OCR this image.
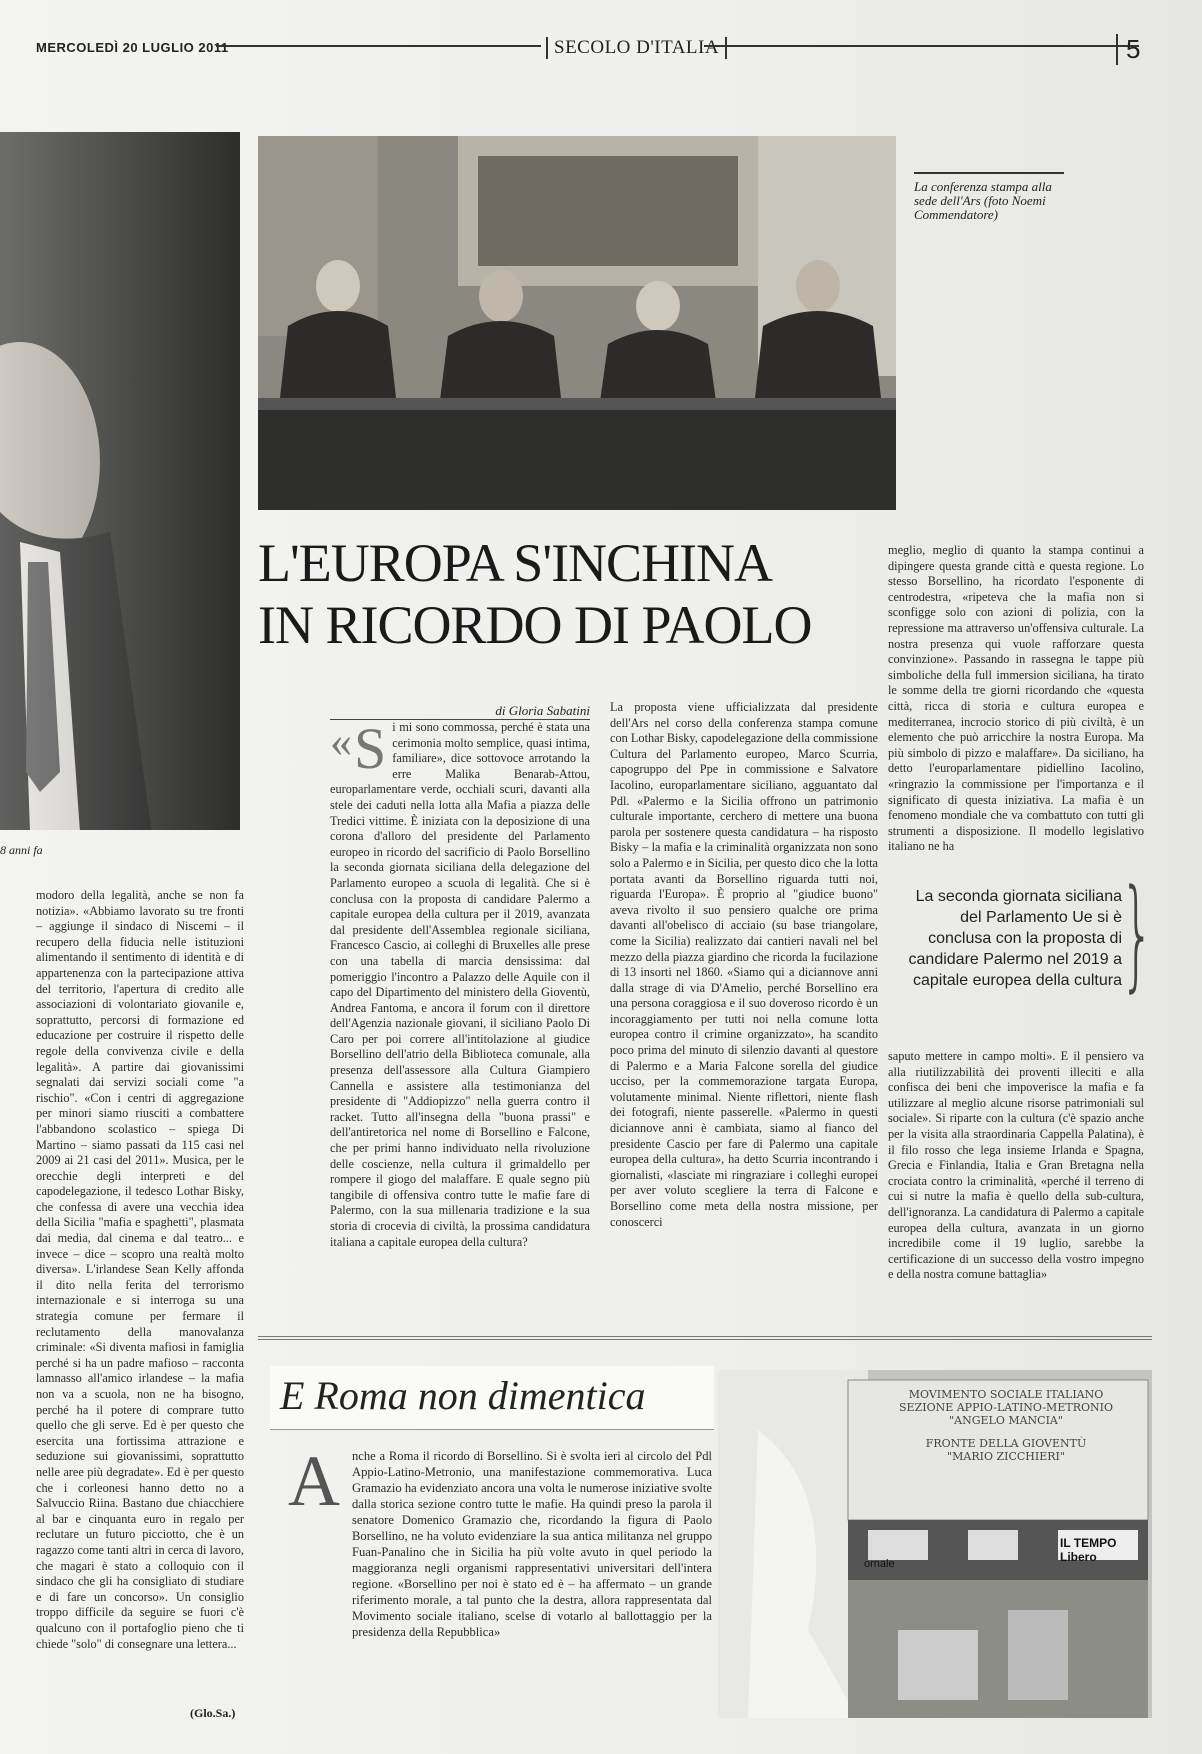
MERCOLEDÌ 20 LUGLIO 2011	SECOLO D'ITALIA	5
8 anni fa
La conferenza stampa alla sede dell'Ars (foto Noemi Commendatore)
L'EUROPA S'INCHINA
IN RICORDO DI PAOLO
di Gloria Sabatini
modoro della legalità, anche se non fa notizia». «Abbiamo lavorato su tre fronti – aggiunge il sindaco di Niscemi – il recupero della fiducia nelle istituzioni alimentando il sentimento di identità e di appartenenza con la partecipazione attiva del territorio, l'apertura di credito alle associazioni di volontariato giovanile e, soprattutto, percorsi di formazione ed educazione per costruire il rispetto delle regole della convivenza civile e della legalità». A partire dai giovanissimi segnalati dai servizi sociali come "a rischio". «Con i centri di aggregazione per minori siamo riusciti a combattere l'abbandono scolastico – spiega Di Martino – siamo passati da 115 casi nel 2009 ai 21 casi del 2011». Musica, per le orecchie degli interpreti e del capodelegazione, il tedesco Lothar Bisky, che confessa di avere una vecchia idea della Sicilia "mafia e spaghetti", plasmata dai media, dal cinema e dal teatro... e invece – dice – scopro una realtà molto diversa». L'irlandese Sean Kelly affonda il dito nella ferita del terrorismo internazionale e si interroga su una strategia comune per fermare il reclutamento della manovalanza criminale: «Si diventa mafiosi in famiglia perché si ha un padre mafioso – racconta lamnasso all'amico irlandese – la mafia non va a scuola, non ne ha bisogno, perché ha il potere di comprare tutto quello che gli serve. Ed è per questo che esercita una fortissima attrazione e seduzione sui giovanissimi, soprattutto nelle aree più degradate». Ed è per questo che i corleonesi hanno detto no a Salvuccio Riina. Bastano due chiacchiere al bar e cinquanta euro in regalo per reclutare un futuro picciotto, che è un ragazzo come tanti altri in cerca di lavoro, che magari è stato a colloquio con il sindaco che gli ha consigliato di studiare e di fare un concorso». Un consiglio troppo difficile da seguire se fuori c'è qualcuno con il portafoglio pieno che ti chiede "solo" di consegnare una lettera...
(Glo.Sa.)
« S i mi sono commossa, perché è stata una cerimonia molto semplice, quasi intima, familiare», dice sottovoce arrotando la erre Malika Benarab-Attou, europarlamentare verde, occhiali scuri, davanti alla stele dei caduti nella lotta alla Mafia a piazza delle Tredici vittime. È iniziata con la deposizione di una corona d'alloro del presidente del Parlamento europeo in ricordo del sacrificio di Paolo Borsellino la seconda giornata siciliana della delegazione del Parlamento europeo a scuola di legalità. Che si è conclusa con la proposta di candidare Palermo a capitale europea della cultura per il 2019, avanzata dal presidente dell'Assemblea regionale siciliana, Francesco Cascio, ai colleghi di Bruxelles alle prese con una tabella di marcia densissima: dal pomeriggio l'incontro a Palazzo delle Aquile con il capo del Dipartimento del ministero della Gioventù, Andrea Fantoma, e ancora il forum con il direttore dell'Agenzia nazionale giovani, il siciliano Paolo Di Caro per poi correre all'intitolazione al giudice Borsellino dell'atrio della Biblioteca comunale, alla presenza dell'assessore alla Cultura Giampiero Cannella e assistere alla testimonianza del presidente di "Addiopizzo" nella guerra contro il racket. Tutto all'insegna della "buona prassi" e dell'antiretorica nel nome di Borsellino e Falcone, che per primi hanno individuato nella rivoluzione delle coscienze, nella cultura il grimaldello per rompere il giogo del malaffare. E quale segno più tangibile di offensiva contro tutte le mafie fare di Palermo, con la sua millenaria tradizione e la sua storia di crocevia di civiltà, la prossima candidatura italiana a capitale europea della cultura?
La proposta viene ufficializzata dal presidente dell'Ars nel corso della conferenza stampa comune con Lothar Bisky, capodelegazione della commissione Cultura del Parlamento europeo, Marco Scurria, capogruppo del Ppe in commissione e Salvatore Iacolino, europarlamentare siciliano, agguantato dal Pdl. «Palermo e la Sicilia offrono un patrimonio culturale importante, cerchero di mettere una buona parola per sostenere questa candidatura – ha risposto Bisky – la mafia e la criminalità organizzata non sono solo a Palermo e in Sicilia, per questo dico che la lotta portata avanti da Borsellino riguarda tutti noi, riguarda l'Europa». È proprio al "giudice buono" aveva rivolto il suo pensiero qualche ore prima davanti all'obelisco di acciaio (su base triangolare, come la Sicilia) realizzato dai cantieri navali nel bel mezzo della piazza giardino che ricorda la fucilazione di 13 insorti nel 1860. «Siamo qui a diciannove anni dalla strage di via D'Amelio, perché Borsellino era una persona coraggiosa e il suo doveroso ricordo è un incoraggiamento per tutti noi nella comune lotta europea contro il crimine organizzato», ha scandito poco prima del minuto di silenzio davanti al questore di Palermo e a Maria Falcone sorella del giudice ucciso, per la commemorazione targata Europa, volutamente minimal. Niente riflettori, niente flash dei fotografi, niente passerelle. «Palermo in questi diciannove anni è cambiata, siamo al fianco del presidente Cascio per fare di Palermo una capitale europea della cultura», ha detto Scurria incontrando i giornalisti, «lasciate mi ringraziare i colleghi europei per aver voluto scegliere la terra di Falcone e Borsellino come meta della nostra missione, per conoscerci
meglio, meglio di quanto la stampa continui a dipingere questa grande città e questa regione. Lo stesso Borsellino, ha ricordato l'esponente di centrodestra, «ripeteva che la mafia non si sconfigge solo con azioni di polizia, con la repressione ma attraverso un'offensiva culturale. La nostra presenza qui vuole rafforzare questa convinzione». Passando in rassegna le tappe più simboliche della full immersion siciliana, ha tirato le somme della tre giorni ricordando che «questa città, ricca di storia e cultura europea e mediterranea, incrocio storico di più civiltà, è un elemento che può arricchire la nostra Europa. Ma più simbolo di pizzo e malaffare». Da siciliano, ha detto l'europarlamentare pidiellino Iacolino, «ringrazio la commissione per l'importanza e il significato di questa iniziativa. La mafia è un fenomeno mondiale che va combattuto con tutti gli strumenti a disposizione. Il modello legislativo italiano ne ha
La seconda giornata siciliana del Parlamento Ue si è conclusa con la proposta di candidare Palermo nel 2019 a capitale europea della cultura
}
saputo mettere in campo molti». E il pensiero va alla riutilizzabilità dei proventi illeciti e alla confisca dei beni che impoverisce la mafia e fa utilizzare al meglio alcune risorse patrimoniali sul sociale». Si riparte con la cultura (c'è spazio anche per la visita alla straordinaria Cappella Palatina), è il filo rosso che lega insieme Irlanda e Spagna, Grecia e Finlandia, Italia e Gran Bretagna nella crociata contro la criminalità, «perché il terreno di cui si nutre la mafia è quello della sub-cultura, dell'ignoranza. La candidatura di Palermo a capitale europea della cultura, avanzata in un giorno incredibile come il 19 luglio, sarebbe la certificazione di un successo della vostro impegno e della nostra comune battaglia»
E Roma non dimentica
Anche a Roma il ricordo di Borsellino. Si è svolta ieri al circolo del Pdl Appio-Latino-Metronio, una manifestazione commemorativa. Luca Gramazio ha evidenziato ancora una volta le numerose iniziative svolte dalla storica sezione contro tutte le mafie. Ha quindi preso la parola il senatore Domenico Gramazio che, ricordando la figura di Paolo Borsellino, ne ha voluto evidenziare la sua antica militanza nel gruppo Fuan-Panalino che in Sicilia ha più volte avuto in quel periodo la maggioranza negli organismi rappresentativi universitari dell'intera regione. «Borsellino per noi è stato ed è – ha affermato – un grande riferimento morale, a tal punto che la destra, allora rappresentata dal Movimento sociale italiano, scelse di votarlo al ballottaggio per la presidenza della Repubblica»
MOVIMENTO SOCIALE ITALIANO
SEZIONE APPIO-LATINO-METRONIO
"ANGELO MANCIA"
FRONTE DELLA GIOVENTÙ
"MARIO ZICCHIERI"
IL TEMPO
Libero
ornale
